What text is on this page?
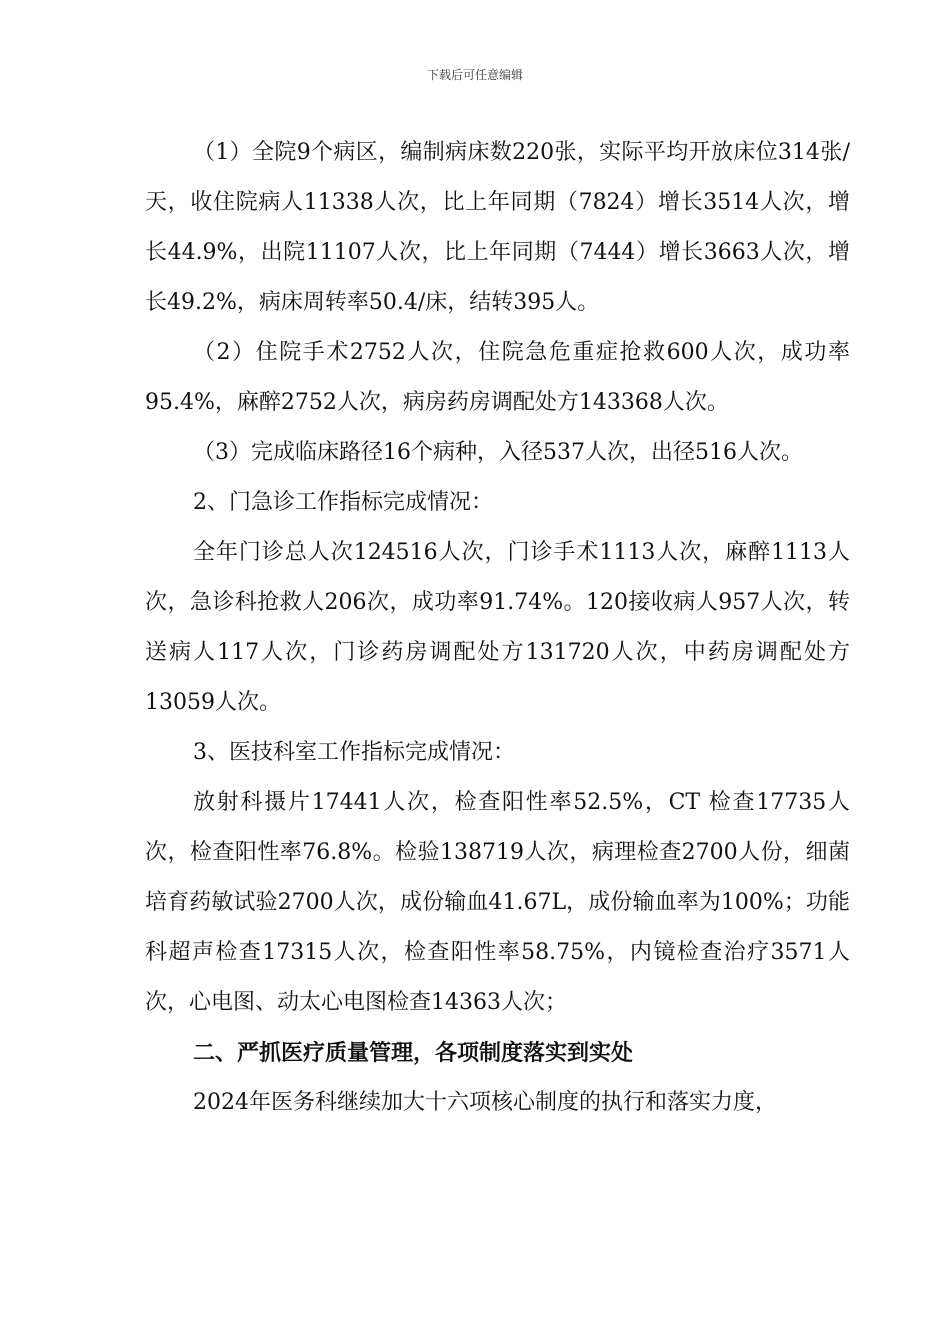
下载后可任意编辑

（1）全院9个病区，编制病床数220张，实际平均开放床位314张/天，收住院病人11338人次，比上年同期（7824）增长3514人次，增长44.9%，出院11107人次，比上年同期（7444）增长3663人次，增长49.2%，病床周转率50.4/床，结转395人。

（2）住院手术2752人次，住院急危重症抢救600人次，成功率95.4%，麻醉2752人次，病房药房调配处方143368人次。

（3）完成临床路径16个病种，入径537人次，出径516人次。

2、门急诊工作指标完成情况：

全年门诊总人次124516人次，门诊手术1113人次，麻醉1113人次，急诊科抢救人206次，成功率91.74%。120接收病人957人次，转送病人117人次，门诊药房调配处方131720人次，中药房调配处方13059人次。

3、医技科室工作指标完成情况：

放射科摄片17441人次，检查阳性率52.5%，CT 检查17735人次，检查阳性率76.8%。检验138719人次，病理检查2700人份，细菌培育药敏试验2700人次，成份输血41.67L，成份输血率为100%；功能科超声检查17315人次，检查阳性率58.75%，内镜检查治疗3571人次，心电图、动太心电图检查14363人次；

二、严抓医疗质量管理，各项制度落实到实处

2024年医务科继续加大十六项核心制度的执行和落实力度，
